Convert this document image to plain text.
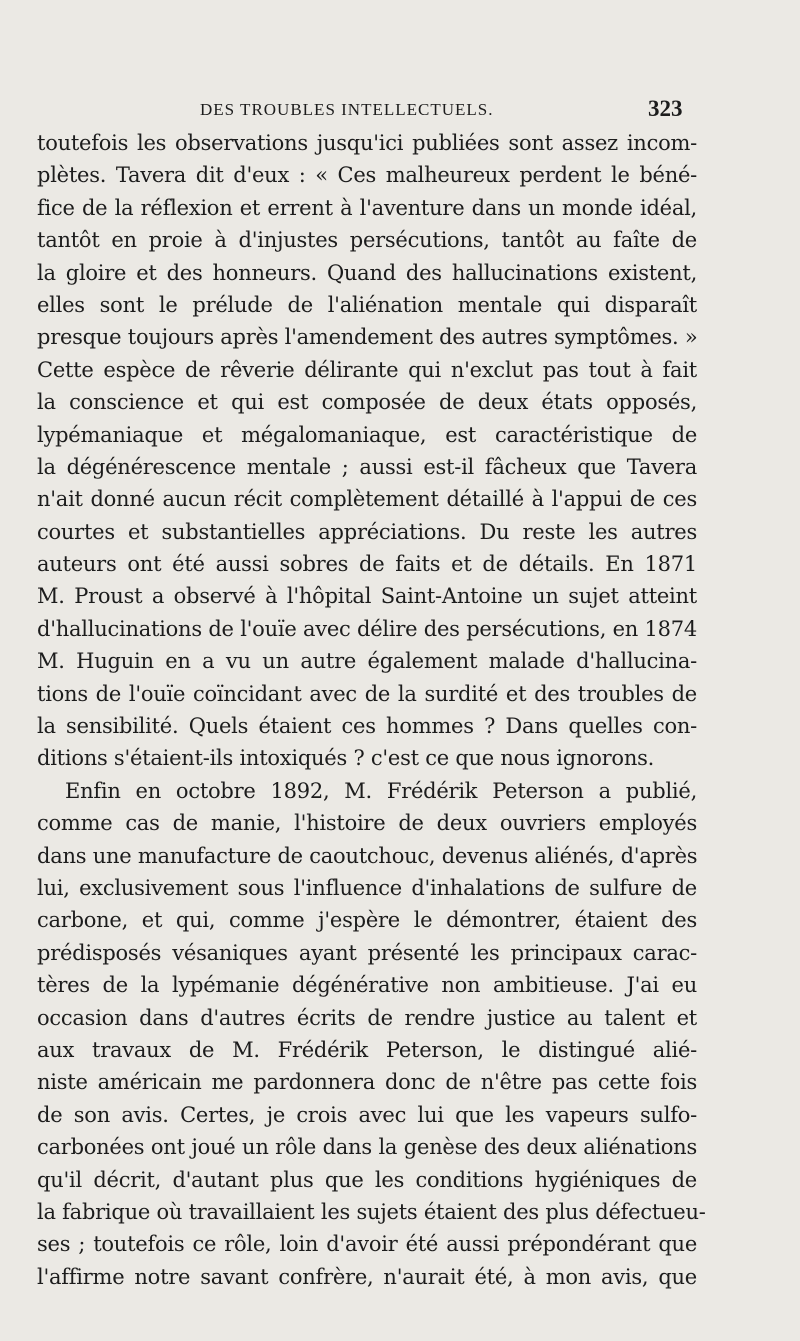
DES TROUBLES INTELLECTUELS.	323
toutefois les observations jusqu'ici publiées sont assez incom-
plètes. Tavera dit d'eux : « Ces malheureux perdent le béné-
fice de la réflexion et errent à l'aventure dans un monde idéal,
tantôt en proie à d'injustes persécutions, tantôt au faîte de
la gloire et des honneurs. Quand des hallucinations existent,
elles sont le prélude de l'aliénation mentale qui disparaît
presque toujours après l'amendement des autres symptômes. »
Cette espèce de rêverie délirante qui n'exclut pas tout à fait
la conscience et qui est composée de deux états opposés,
lypémaniaque et mégalomaniaque, est caractéristique de
la dégénérescence mentale ; aussi est-il fâcheux que Tavera
n'ait donné aucun récit complètement détaillé à l'appui de ces
courtes et substantielles appréciations. Du reste les autres
auteurs ont été aussi sobres de faits et de détails. En 1871
M. Proust a observé à l'hôpital Saint-Antoine un sujet atteint
d'hallucinations de l'ouïe avec délire des persécutions, en 1874
M. Huguin en a vu un autre également malade d'hallucina-
tions de l'ouïe coïncidant avec de la surdité et des troubles de
la sensibilité. Quels étaient ces hommes ? Dans quelles con-
ditions s'étaient-ils intoxiqués ? c'est ce que nous ignorons.
Enfin en octobre 1892, M. Frédérik Peterson a publié,
comme cas de manie, l'histoire de deux ouvriers employés
dans une manufacture de caoutchouc, devenus aliénés, d'après
lui, exclusivement sous l'influence d'inhalations de sulfure de
carbone, et qui, comme j'espère le démontrer, étaient des
prédisposés vésaniques ayant présenté les principaux carac-
tères de la lypémanie dégénérative non ambitieuse. J'ai eu
occasion dans d'autres écrits de rendre justice au talent et
aux travaux de M. Frédérik Peterson, le distingué alié-
niste américain me pardonnera donc de n'être pas cette fois
de son avis. Certes, je crois avec lui que les vapeurs sulfo-
carbonées ont joué un rôle dans la genèse des deux aliénations
qu'il décrit, d'autant plus que les conditions hygiéniques de
la fabrique où travaillaient les sujets étaient des plus défectueu-
ses ; toutefois ce rôle, loin d'avoir été aussi prépondérant que
l'affirme notre savant confrère, n'aurait été, à mon avis, que
